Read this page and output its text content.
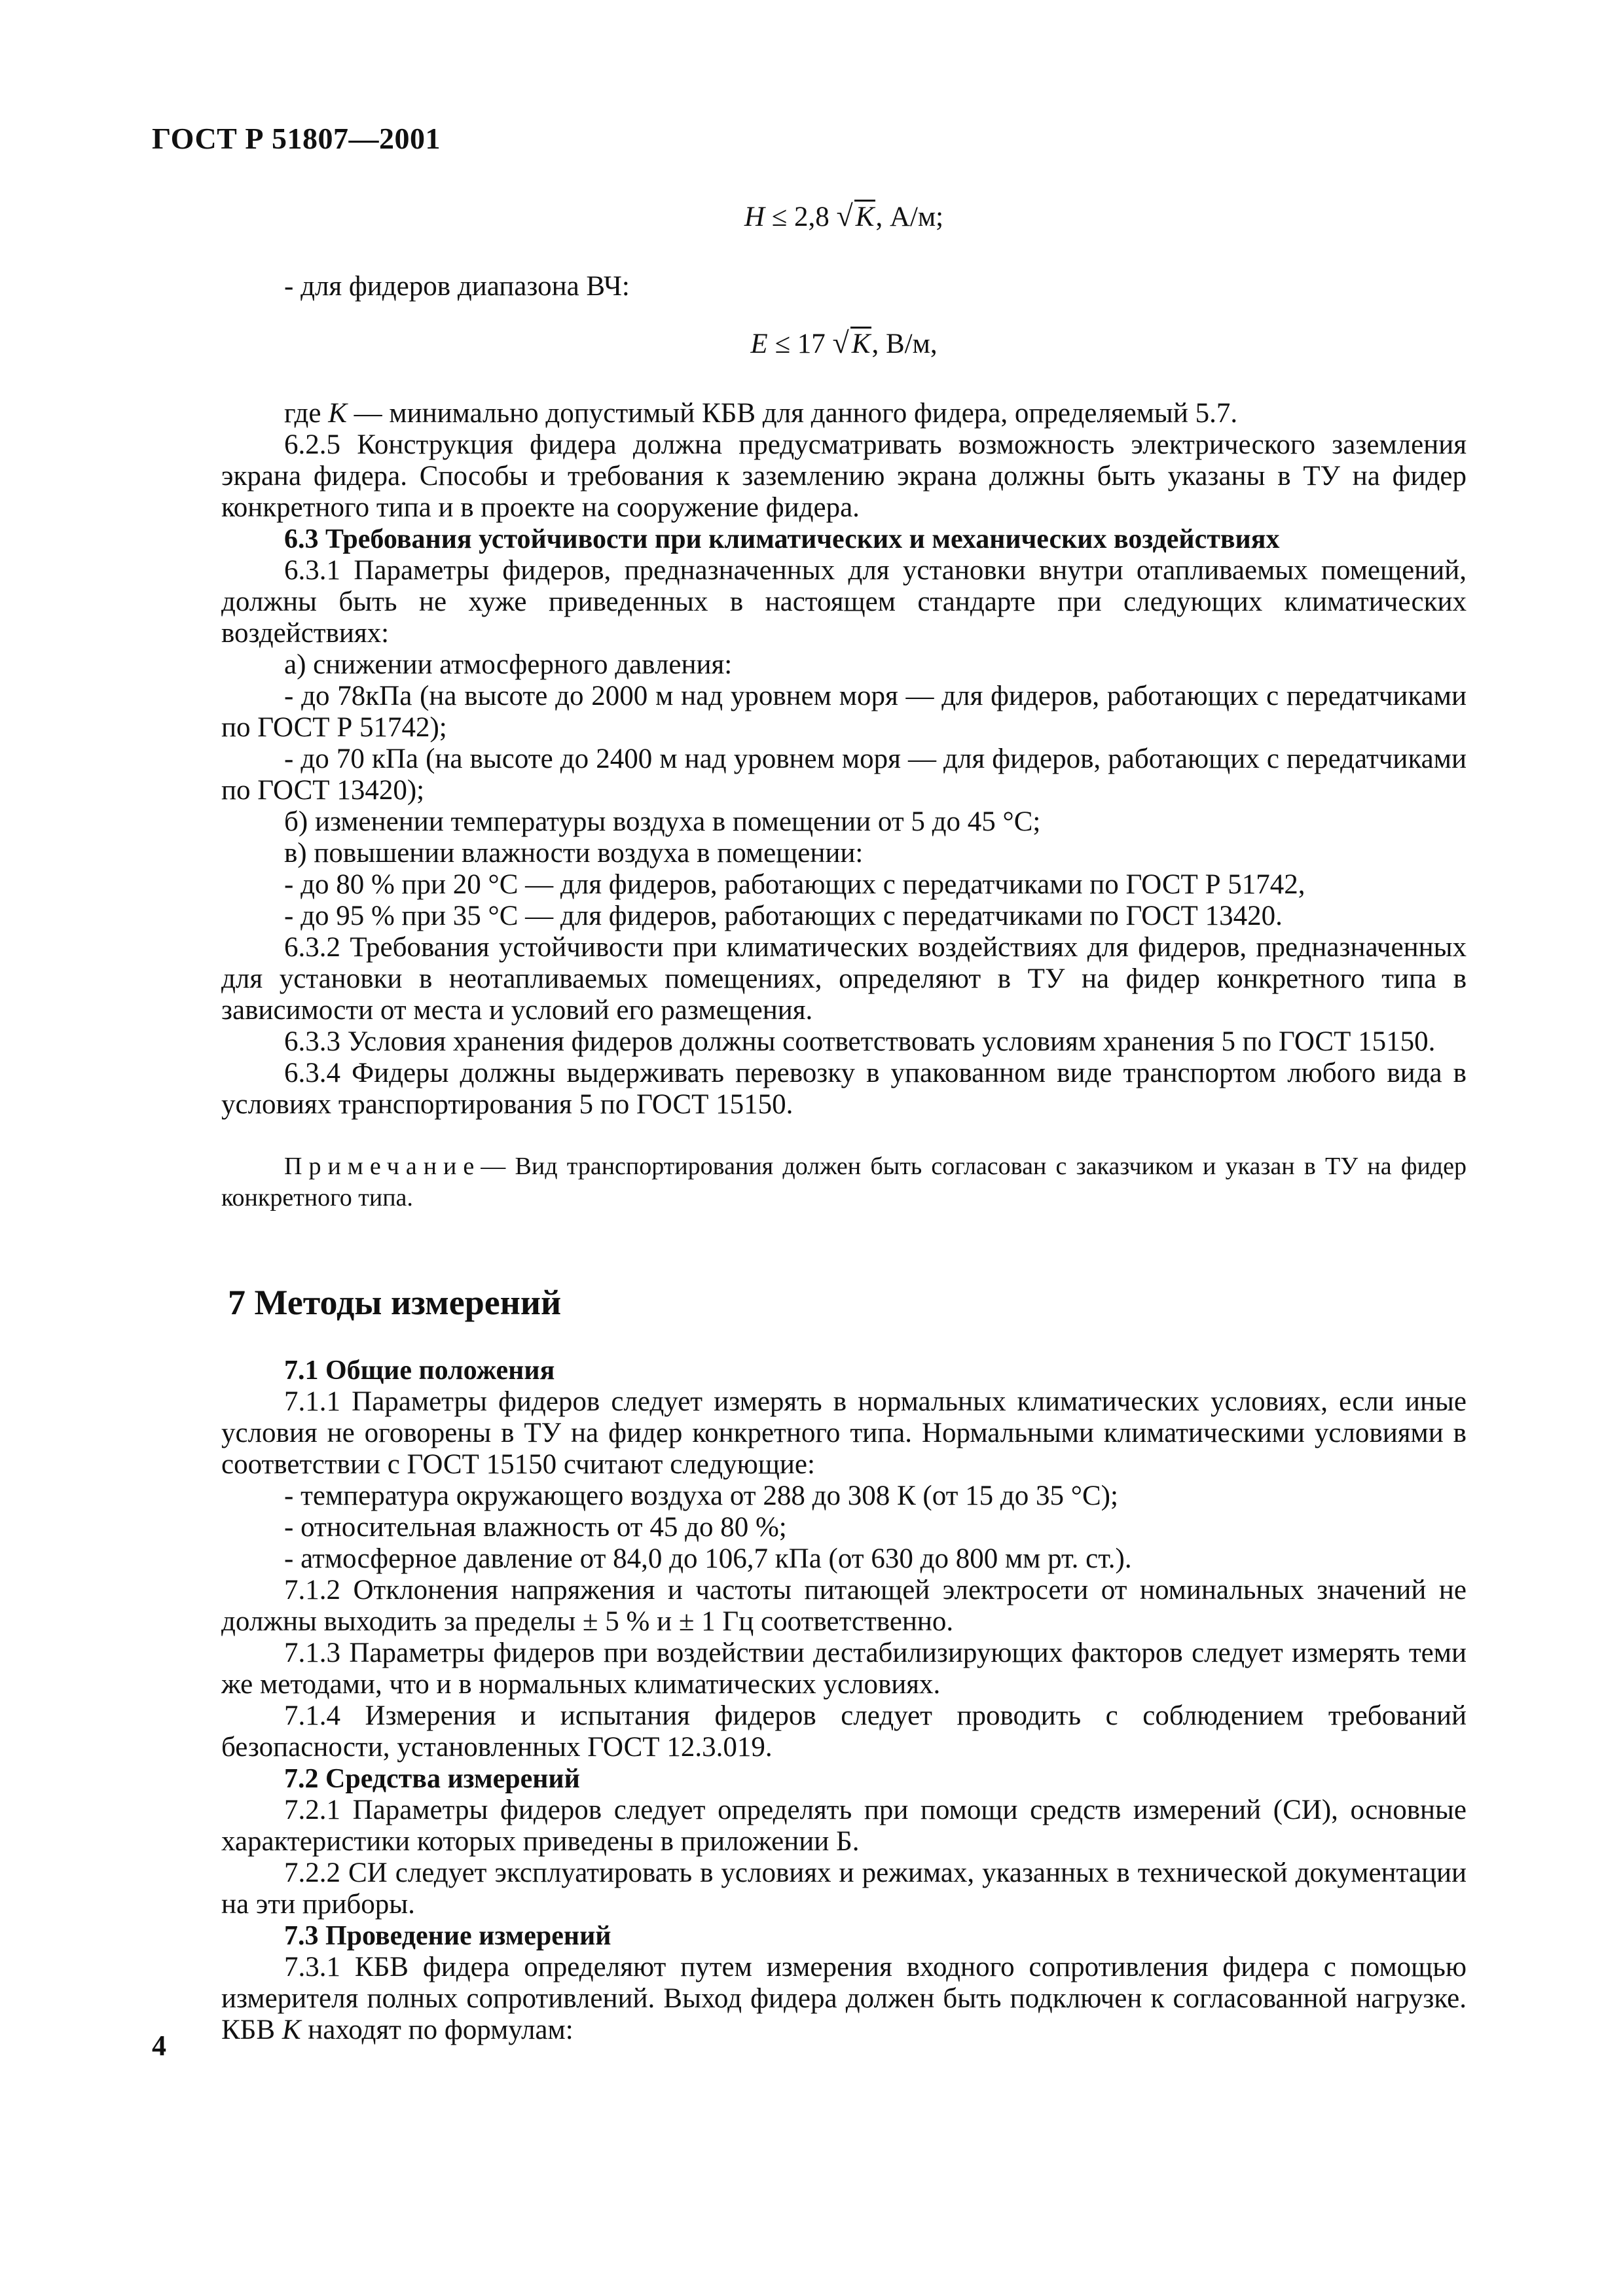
ГОСТ Р 51807—2001
H ≤ 2,8 √K, А/м;

- для фидеров диапазона ВЧ:

E ≤ 17 √K, В/м,

где K — минимально допустимый КБВ для данного фидера, определяемый 5.7.

6.2.5 Конструкция фидера должна предусматривать возможность электрического заземления экрана фидера. Способы и требования к заземлению экрана должны быть указаны в ТУ на фидер конкретного типа и в проекте на сооружение фидера.

6.3 Требования устойчивости при климатических и механических воздействиях

6.3.1 Параметры фидеров, предназначенных для установки внутри отапливаемых помещений, должны быть не хуже приведенных в настоящем стандарте при следующих климатических воздействиях:

а) снижении атмосферного давления:

- до 78кПа (на высоте до 2000 м над уровнем моря — для фидеров, работающих с передатчиками по ГОСТ Р 51742);

- до 70 кПа (на высоте до 2400 м над уровнем моря — для фидеров, работающих с передатчиками по ГОСТ 13420);

б) изменении температуры воздуха в помещении от 5 до 45 °С;

в) повышении влажности воздуха в помещении:

- до 80 % при 20 °С — для фидеров, работающих с передатчиками по ГОСТ Р 51742,

- до 95 % при 35 °С — для фидеров, работающих с передатчиками по ГОСТ 13420.

6.3.2 Требования устойчивости при климатических воздействиях для фидеров, предназначенных для установки в неотапливаемых помещениях, определяют в ТУ на фидер конкретного типа в зависимости от места и условий его размещения.

6.3.3 Условия хранения фидеров должны соответствовать условиям хранения 5 по ГОСТ 15150.

6.3.4 Фидеры должны выдерживать перевозку в упакованном виде транспортом любого вида в условиях транспортирования 5 по ГОСТ 15150.

Примечание— Вид транспортирования должен быть согласован с заказчиком и указан в ТУ на фидер конкретного типа.
7 Методы измерений

7.1 Общие положения

7.1.1 Параметры фидеров следует измерять в нормальных климатических условиях, если иные условия не оговорены в ТУ на фидер конкретного типа. Нормальными климатическими условиями в соответствии с ГОСТ 15150 считают следующие:

- температура окружающего воздуха от 288 до 308 К (от 15 до 35 °С);

- относительная влажность от 45 до 80 %;

- атмосферное давление от 84,0 до 106,7 кПа (от 630 до 800 мм рт. ст.).

7.1.2 Отклонения напряжения и частоты питающей электросети от номинальных значений не должны выходить за пределы ± 5 % и ± 1 Гц соответственно.

7.1.3 Параметры фидеров при воздействии дестабилизирующих факторов следует измерять теми же методами, что и в нормальных климатических условиях.

7.1.4 Измерения и испытания фидеров следует проводить с соблюдением требований безопасности, установленных ГОСТ 12.3.019.

7.2 Средства измерений

7.2.1 Параметры фидеров следует определять при помощи средств измерений (СИ), основные характеристики которых приведены в приложении Б.

7.2.2 СИ следует эксплуатировать в условиях и режимах, указанных в технической документации на эти приборы.

7.3 Проведение измерений

7.3.1 КБВ фидера определяют путем измерения входного сопротивления фидера с помощью измерителя полных сопротивлений. Выход фидера должен быть подключен к согласованной нагрузке. КБВ K находят по формулам:

4
